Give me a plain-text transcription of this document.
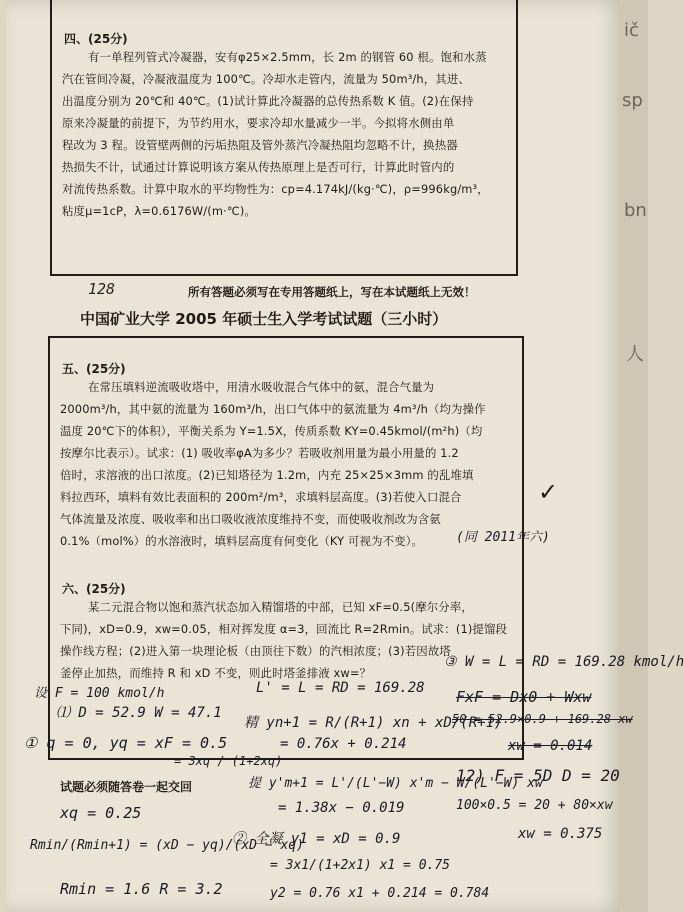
ič
sp
bn
人
四、(25分)

有一单程列管式冷凝器，安有φ25×2.5mm，长 2m 的钢管 60 根。饱和水蒸

汽在管间冷凝，冷凝液温度为 100℃。冷却水走管内，流量为 50m³/h，其进、

出温度分别为 20℃和 40℃。(1)试计算此冷凝器的总传热系数 K 值。(2)在保持

原来冷凝量的前提下，为节约用水，要求冷却水量减少一半。今拟将水侧由单

程改为 3 程。设管壁两侧的污垢热阻及管外蒸汽冷凝热阻均忽略不计，换热器

热损失不计，试通过计算说明该方案从传热原理上是否可行，计算此时管内的

对流传热系数。计算中取水的平均物性为：cp=4.174kJ/(kg·℃)，ρ=996kg/m³，

粘度μ=1cP，λ=0.6176W/(m·℃)。

128	所有答题必须写在专用答题纸上，写在本试题纸上无效！
中国矿业大学 2005 年硕士生入学考试试题（三小时）
五、(25分)

在常压填料逆流吸收塔中，用清水吸收混合气体中的氨，混合气量为

2000m³/h，其中氨的流量为 160m³/h，出口气体中的氨流量为 4m³/h（均为操作

温度 20℃下的体积），平衡关系为 Y=1.5X，传质系数 KY=0.45kmol/(m²h)（均

按摩尔比表示）。试求：(1) 吸收率φA为多少？若吸收剂用量为最小用量的 1.2

倍时，求溶液的出口浓度。(2)已知塔径为 1.2m，内充 25×25×3mm 的乱堆填

料拉西环，填料有效比表面积的 200m²/m³，求填料层高度。(3)若使入口混合

气体流量及浓度、吸收率和出口吸收液浓度维持不变，而使吸收剂改为含氨

0.1%（mol%）的水溶液时，填料层高度有何变化（KY 可视为不变）。	(同 2011年六)
✓
六、(25分)

某二元混合物以饱和蒸汽状态加入精馏塔的中部，已知 xF=0.5(摩尔分率，

下同)，xD=0.9，xw=0.05，相对挥发度 α=3，回流比 R=2Rmin。试求：(1)提馏段

操作线方程；(2)进入第一块理论板（由顶往下数）的汽相浓度；(3)若因故塔

釜停止加热，而维持 R 和 xD 不变，则此时塔釜排液 xw=？

试题必须随答卷一起交回
设 F = 100 kmol/h	L' = L = RD = 169.28
⑴ D = 52.9 W = 47.1
精 yn+1 = R/(R+1) xn + xD/(R+1)
= 0.76x + 0.214
① q = 0, yq = xF = 0.5
= 3xq / (1+2xq)
提 y'm+1 = L'/(L'−W) x'm − W/(L'−W) xw
= 1.38x − 0.019
xq = 0.25
② 全凝 y1 = xD = 0.9
Rmin/(Rmin+1) = (xD − yq)/(xD − xq)
= 3x1/(1+2x1) x1 = 0.75
y2 = 0.76 x1 + 0.214 = 0.784
Rmin = 1.6 R = 3.2
③ W = L = RD = 169.28 kmol/h
FxF = Dx0 + Wxw
50 = 52.9×0.9 + 169.28 xw
xw = 0.014
12) F = 5D D = 20
100×0.5 = 20 + 80×xw
xw = 0.375
